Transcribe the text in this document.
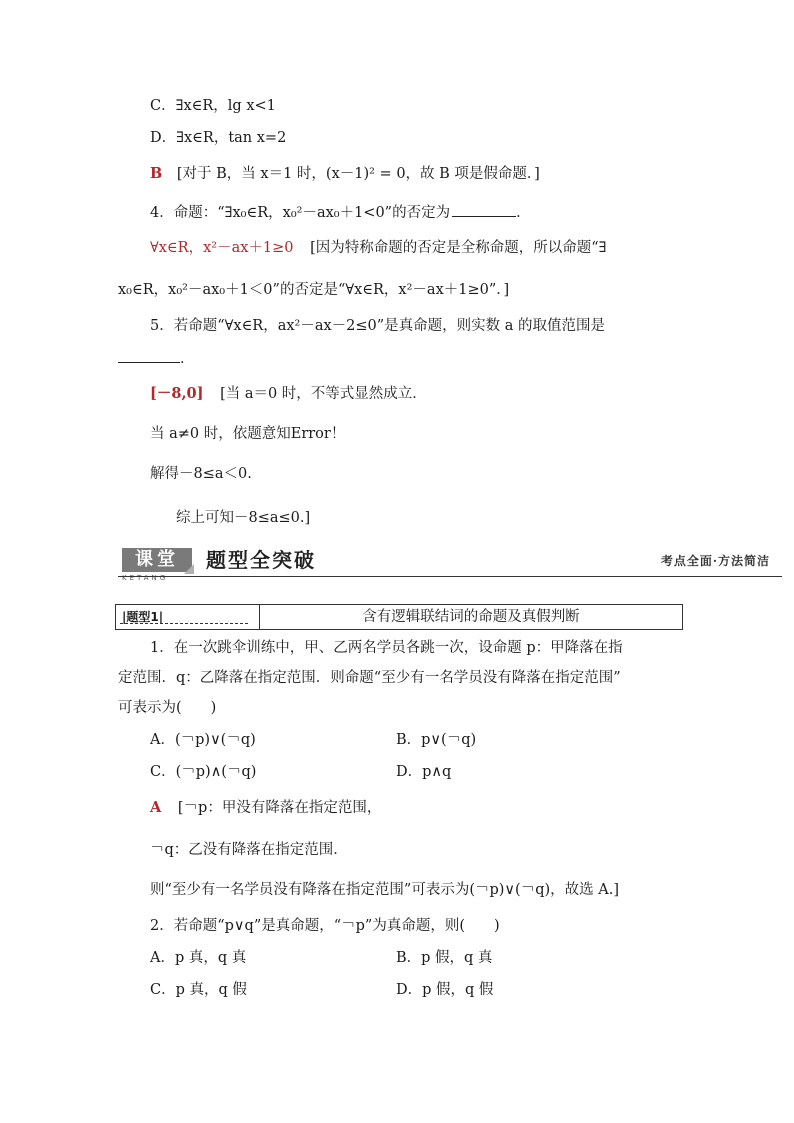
C．∃x∈R，lg x<1
D．∃x∈R，tan x=2
B [对于 B，当 x＝1 时，(x－1)² = 0，故 B 项是假命题．]
4．命题：“∃x₀∈R，x₀²－ax₀＋1<0”的否定为	．
∀x∈R，x²－ax＋1≥0 [因为特称命题的否定是全称命题，所以命题“∃
x₀∈R，x₀²－ax₀＋1＜0”的否定是“∀x∈R，x²－ax＋1≥0”．]
5．若命题“∀x∈R，ax²－ax－2≤0”是真命题，则实数 a 的取值范围是
．
[－8,0] [当 a＝0 时，不等式显然成立．
当 a≠0 时，依题意知Error！
解得－8≤a＜0.
综上可知－8≤a≤0.]
课堂
KETANG
题型全突破	考点全面·方法简洁
|题型1|	含有逻辑联结词的命题及真假判断
1．在一次跳伞训练中，甲、乙两名学员各跳一次，设命题 p：甲降落在指
定范围．q：乙降落在指定范围．则命题“至少有一名学员没有降落在指定范围”
可表示为(　　)
A．(￢p)∨(￢q)	B．p∨(￢q)
C．(￢p)∧(￢q)	D．p∧q
A [￢p：甲没有降落在指定范围，
￢q：乙没有降落在指定范围．
则“至少有一名学员没有降落在指定范围”可表示为(￢p)∨(￢q)，故选 A.]
2．若命题“p∨q”是真命题，“￢p”为真命题，则(　　)
A．p 真，q 真	B．p 假，q 真
C．p 真，q 假	D．p 假，q 假
